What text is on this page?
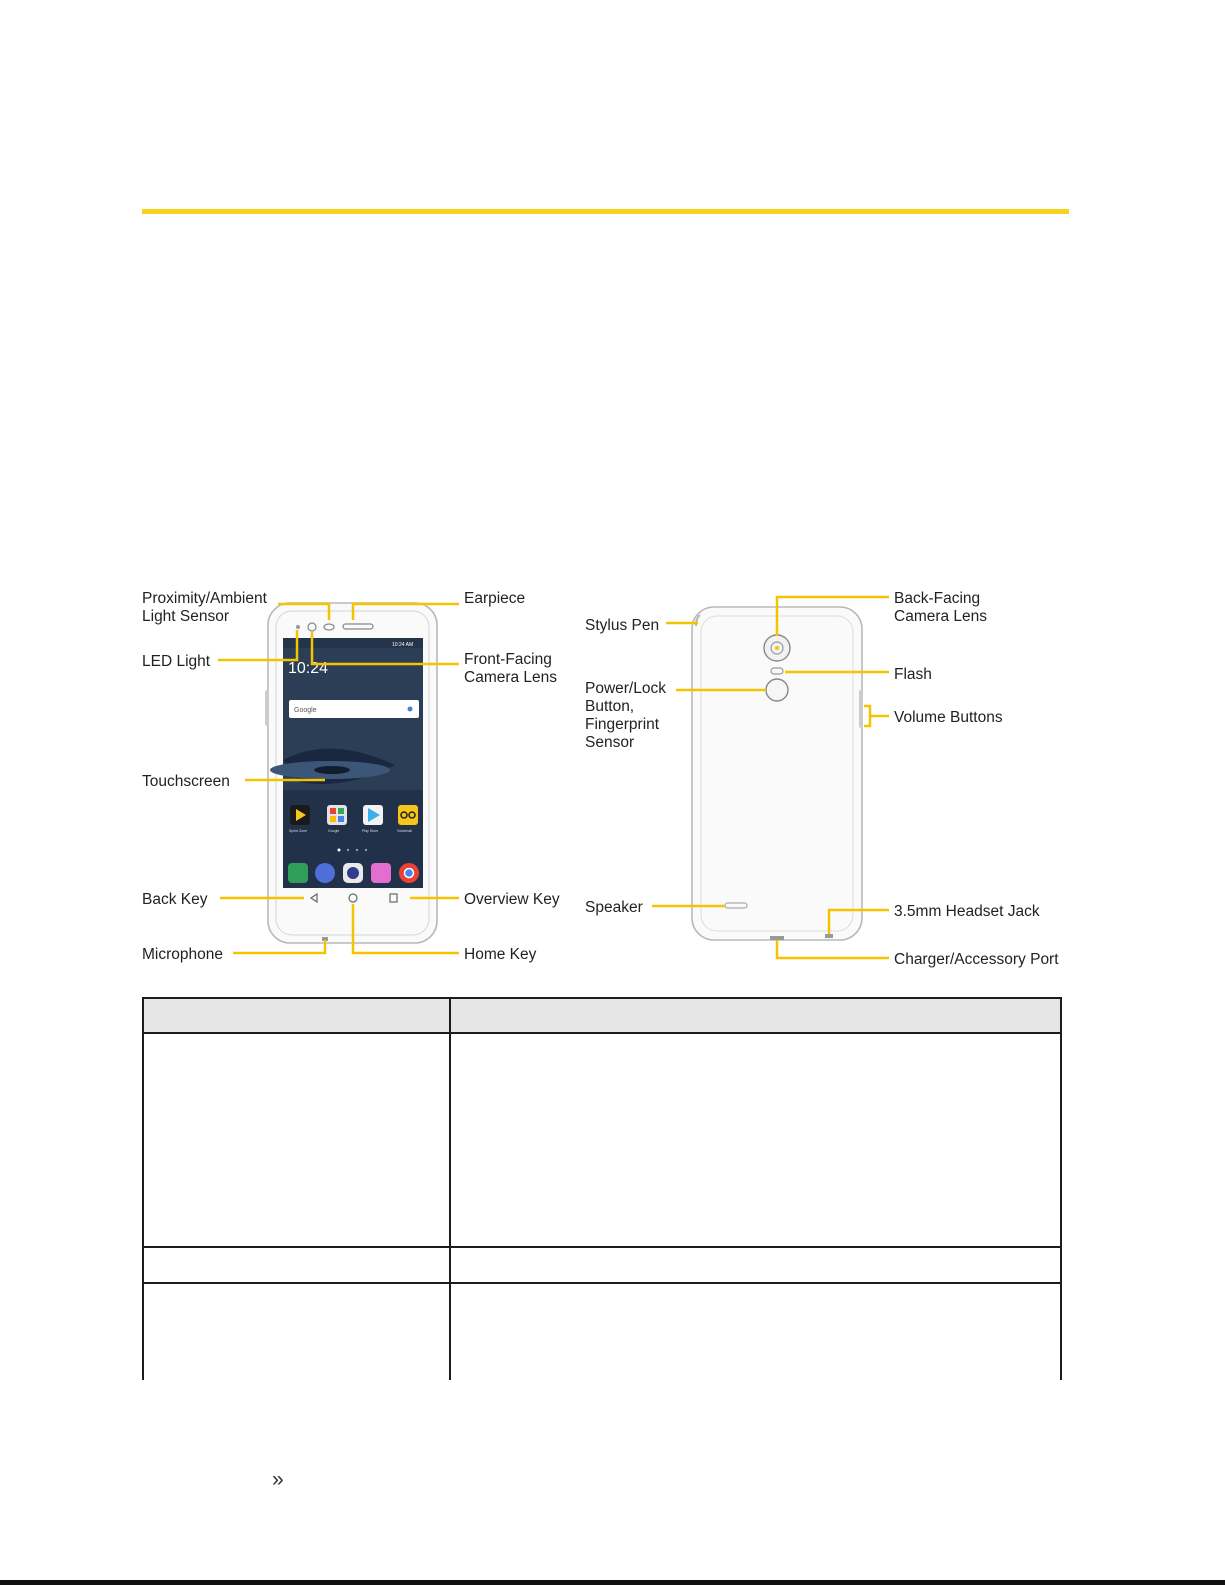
10:24
10:24 AM
Google
Sprint Zone	Google	Play Store	Voicemail
Proximity/Ambient
Light Sensor
LED Light
Touchscreen
Back Key
Microphone
Earpiece
Front-Facing
Camera Lens
Overview Key
Home Key
Stylus Pen
Power/Lock
Button,
Fingerprint
Sensor
Speaker
Back-Facing
Camera Lens
Flash
Volume Buttons
3.5mm Headset Jack
Charger/Accessory Port

»
